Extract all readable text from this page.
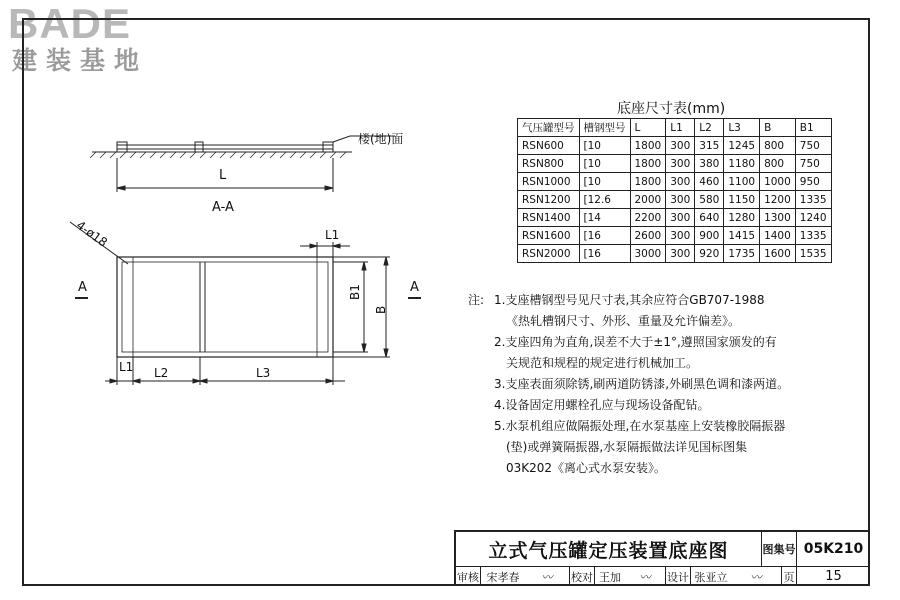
BADE
建装基地
楼(地)面
L
A-A
4-ø18	L1
B1
B
A	A
L1 L2	L3
底座尺寸表(mm)
气压罐型号	槽钢型号	L	L1	L2	L3	B	B1
RSN600	[10	1800	300	315	1245	800	750
RSN800	[10	1800	300	380	1180	800	750
RSN1000	[10	1800	300	460	1100	1000	950
RSN1200	[12.6	2000	300	580	1150	1200	1335
RSN1400	[14	2200	300	640	1280	1300	1240
RSN1600	[16	2600	300	900	1415	1400	1335
RSN2000	[16	3000	300	920	1735	1600	1535
注: 1.支座槽钢型号见尺寸表,其余应符合GB707-1988
《热轧槽钢尺寸、外形、重量及允许偏差》。
2.支座四角为直角,误差不大于±1°,遵照国家颁发的有
关规范和规程的规定进行机械加工。
3.支座表面须除锈,刷两道防锈漆,外刷黑色调和漆两道。
4.设备固定用螺栓孔应与现场设备配钻。
5.水泵机组应做隔振处理,在水泵基座上安装橡胶隔振器
(垫)或弹簧隔振器,水泵隔振做法详见国标图集
03K202《离心式水泵安装》。
立式气压罐定压装置底座图	图集号 05K210
审核 宋孝春	〰	校对 王加	〰	设计 张亚立	〰	页	15
